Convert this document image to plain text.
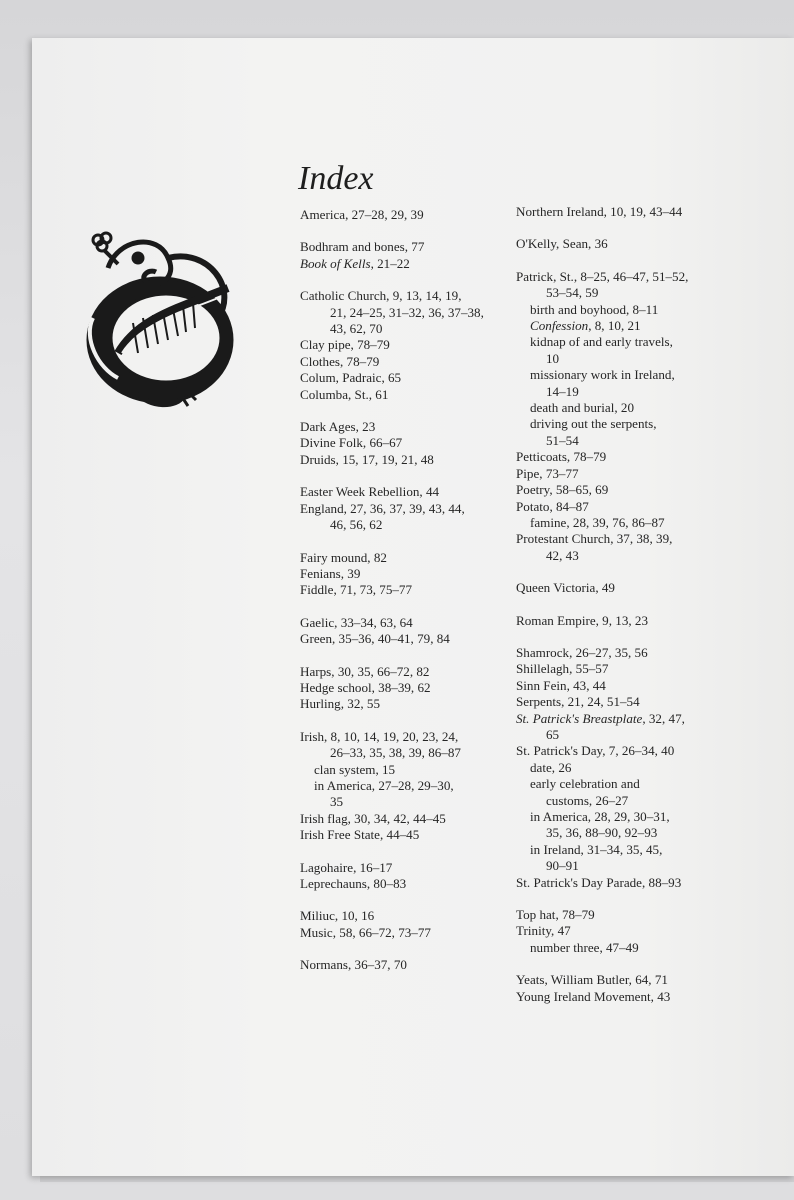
Index
America, 27–28, 29, 39
Bodhram and bones, 77
Book of Kells, 21–22
Catholic Church, 9, 13, 14, 19,
21, 24–25, 31–32, 36, 37–38,
43, 62, 70
Clay pipe, 78–79
Clothes, 78–79
Colum, Padraic, 65
Columba, St., 61
Dark Ages, 23
Divine Folk, 66–67
Druids, 15, 17, 19, 21, 48
Easter Week Rebellion, 44
England, 27, 36, 37, 39, 43, 44,
46, 56, 62
Fairy mound, 82
Fenians, 39
Fiddle, 71, 73, 75–77
Gaelic, 33–34, 63, 64
Green, 35–36, 40–41, 79, 84
Harps, 30, 35, 66–72, 82
Hedge school, 38–39, 62
Hurling, 32, 55
Irish, 8, 10, 14, 19, 20, 23, 24,
26–33, 35, 38, 39, 86–87
clan system, 15
in America, 27–28, 29–30,
35
Irish flag, 30, 34, 42, 44–45
Irish Free State, 44–45
Lagohaire, 16–17
Leprechauns, 80–83
Miliuc, 10, 16
Music, 58, 66–72, 73–77
Normans, 36–37, 70
Northern Ireland, 10, 19, 43–44
O'Kelly, Sean, 36
Patrick, St., 8–25, 46–47, 51–52,
53–54, 59
birth and boyhood, 8–11
Confession, 8, 10, 21
kidnap of and early travels,
10
missionary work in Ireland,
14–19
death and burial, 20
driving out the serpents,
51–54
Petticoats, 78–79
Pipe, 73–77
Poetry, 58–65, 69
Potato, 84–87
famine, 28, 39, 76, 86–87
Protestant Church, 37, 38, 39,
42, 43
Queen Victoria, 49
Roman Empire, 9, 13, 23
Shamrock, 26–27, 35, 56
Shillelagh, 55–57
Sinn Fein, 43, 44
Serpents, 21, 24, 51–54
St. Patrick's Breastplate, 32, 47,
65
St. Patrick's Day, 7, 26–34, 40
date, 26
early celebration and
customs, 26–27
in America, 28, 29, 30–31,
35, 36, 88–90, 92–93
in Ireland, 31–34, 35, 45,
90–91
St. Patrick's Day Parade, 88–93
Top hat, 78–79
Trinity, 47
number three, 47–49
Yeats, William Butler, 64, 71
Young Ireland Movement, 43
